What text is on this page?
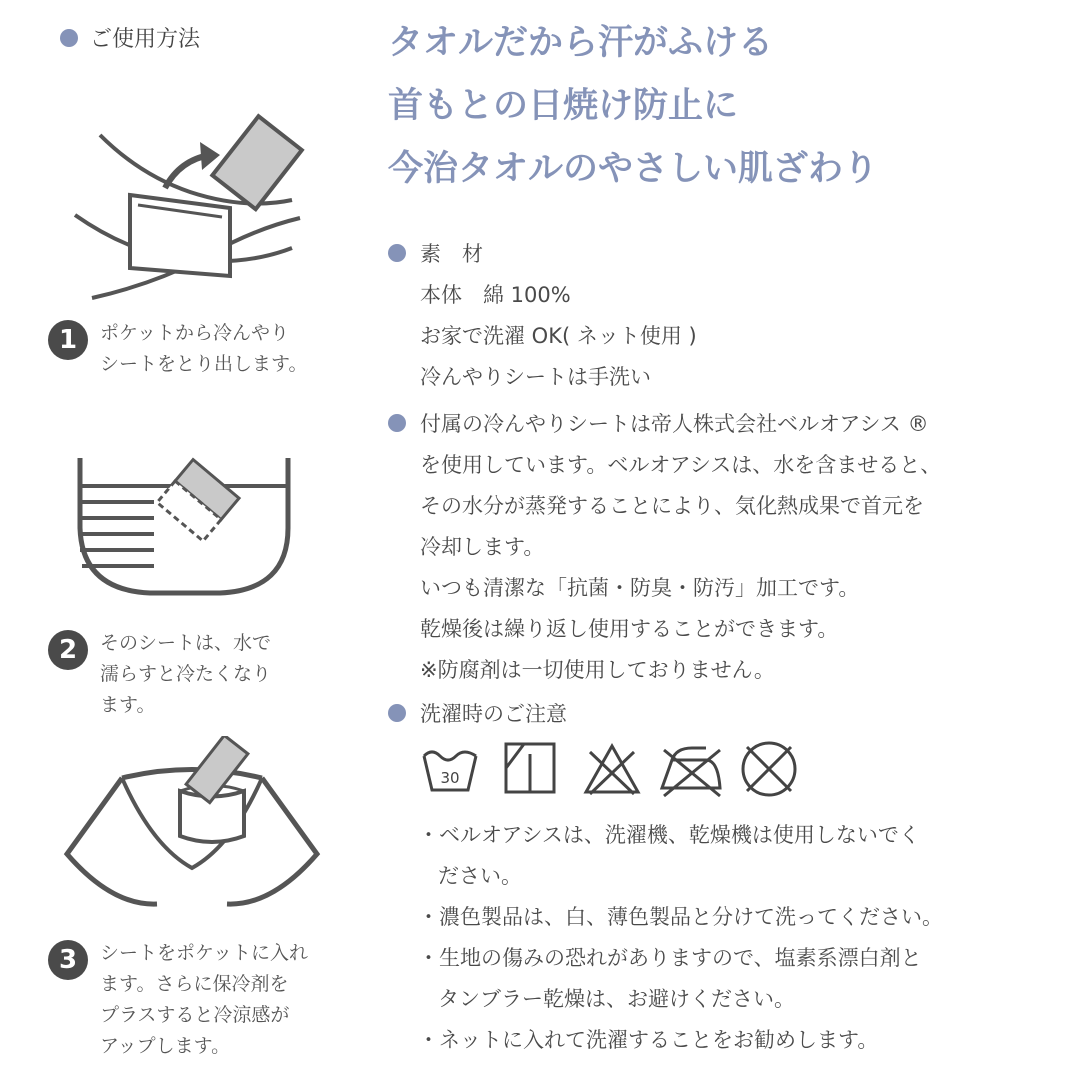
ご使用方法
1	ポケットから冷んやり
シートをとり出します。
2	そのシートは、水で
濡らすと冷たくなり
ます。
3	シートをポケットに入れ
ます。さらに保冷剤を
プラスすると冷涼感が
アップします。
タオルだから汗がふける
首もとの日焼け防止に
今治タオルのやさしい肌ざわり
素　材
本体　綿 100%
お家で洗濯 OK( ネット使用 )
冷んやりシートは手洗い
付属の冷んやりシートは帝人株式会社ベルオアシス ®
を使用しています。ベルオアシスは、水を含ませると、
その水分が蒸発することにより、気化熱成果で首元を
冷却します。
いつも清潔な「抗菌・防臭・防汚」加工です。
乾燥後は繰り返し使用することができます。
※防腐剤は一切使用しておりません。
洗濯時のご注意
30
・ベルオアシスは、洗濯機、乾燥機は使用しないでく
ださい。
・濃色製品は、白、薄色製品と分けて洗ってください。
・生地の傷みの恐れがありますので、塩素系漂白剤と
タンブラー乾燥は、お避けください。
・ネットに入れて洗濯することをお勧めします。
